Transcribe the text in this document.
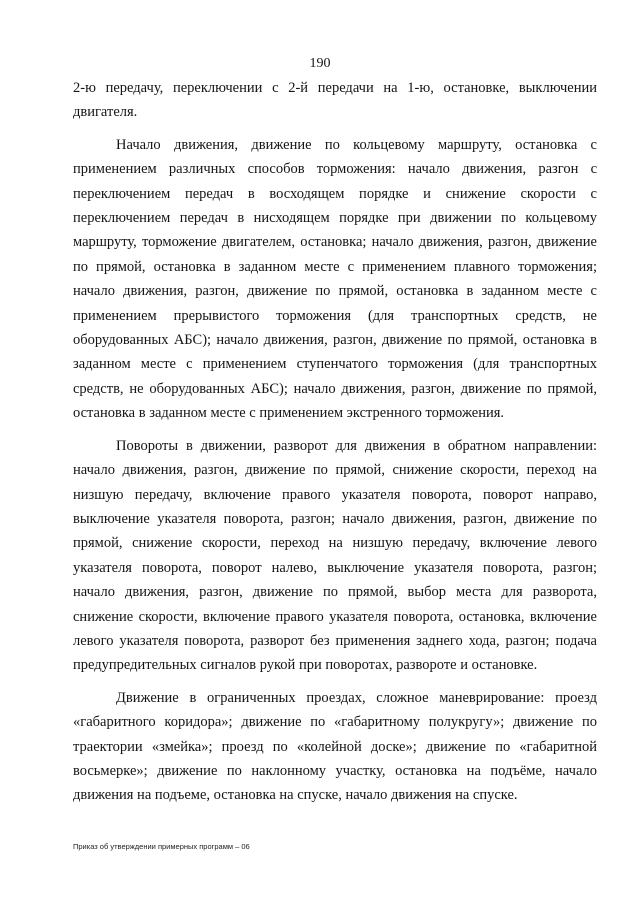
190

2-ю передачу, переключении с 2-й передачи на 1-ю, остановке, выключении двигателя.

Начало движения, движение по кольцевому маршруту, остановка с применением различных способов торможения: начало движения, разгон с переключением передач в восходящем порядке и снижение скорости с переключением передач в нисходящем порядке при движении по кольцевому маршруту, торможение двигателем, остановка; начало движения, разгон, движение по прямой, остановка в заданном месте с применением плавного торможения; начало движения, разгон, движение по прямой, остановка в заданном месте с применением прерывистого торможения (для транспортных средств, не оборудованных АБС); начало движения, разгон, движение по прямой, остановка в заданном месте с применением ступенчатого торможения (для транспортных средств, не оборудованных АБС); начало движения, разгон, движение по прямой, остановка в заданном месте с применением экстренного торможения.

Повороты в движении, разворот для движения в обратном направлении: начало движения, разгон, движение по прямой, снижение скорости, переход на низшую передачу, включение правого указателя поворота, поворот направо, выключение указателя поворота, разгон; начало движения, разгон, движение по прямой, снижение скорости, переход на низшую передачу, включение левого указателя поворота, поворот налево, выключение указателя поворота, разгон; начало движения, разгон, движение по прямой, выбор места для разворота, снижение скорости, включение правого указателя поворота, остановка, включение левого указателя поворота, разворот без применения заднего хода, разгон; подача предупредительных сигналов рукой при поворотах, развороте и остановке.

Движение в ограниченных проездах, сложное маневрирование: проезд «габаритного коридора»; движение по «габаритному полукругу»; движение по траектории «змейка»; проезд по «колейной доске»; движение по «габаритной восьмерке»; движение по наклонному участку, остановка на подъёме, начало движения на подъеме, остановка на спуске, начало движения на спуске.

Приказ об утверждении примерных программ – 06
